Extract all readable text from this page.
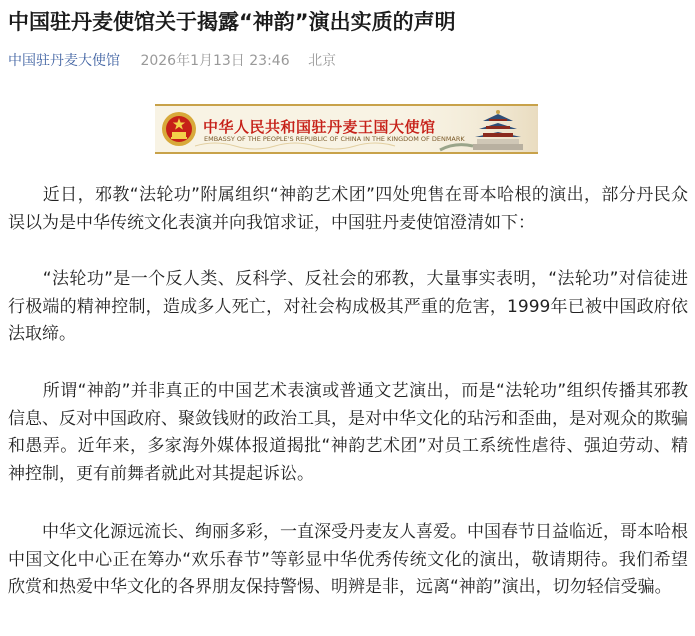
中国驻丹麦使馆关于揭露“神韵”演出实质的声明
中国驻丹麦大使馆 2026年1月13日 23:46 北京
中华人民共和国驻丹麦王国大使馆
EMBASSY OF THE PEOPLE'S REPUBLIC OF CHINA IN THE KINGDOM OF DENMARK

　　近日，邪教“法轮功”附属组织“神韵艺术团”四处兜售在哥本哈根的演出，部分丹民众误以为是中华传统文化表演并向我馆求证，中国驻丹麦使馆澄清如下：

　　“法轮功”是一个反人类、反科学、反社会的邪教，大量事实表明，“法轮功”对信徒进行极端的精神控制，造成多人死亡，对社会构成极其严重的危害，1999年已被中国政府依法取缔。

　　所谓“神韵”并非真正的中国艺术表演或普通文艺演出，而是“法轮功”组织传播其邪教信息、反对中国政府、聚敛钱财的政治工具，是对中华文化的玷污和歪曲，是对观众的欺骗和愚弄。近年来，多家海外媒体报道揭批“神韵艺术团”对员工系统性虐待、强迫劳动、精神控制，更有前舞者就此对其提起诉讼。

　　中华文化源远流长、绚丽多彩，一直深受丹麦友人喜爱。中国春节日益临近，哥本哈根中国文化中心正在筹办“欢乐春节”等彰显中华优秀传统文化的演出，敬请期待。我们希望欣赏和热爱中华文化的各界朋友保持警惕、明辨是非，远离“神韵”演出，切勿轻信受骗。
